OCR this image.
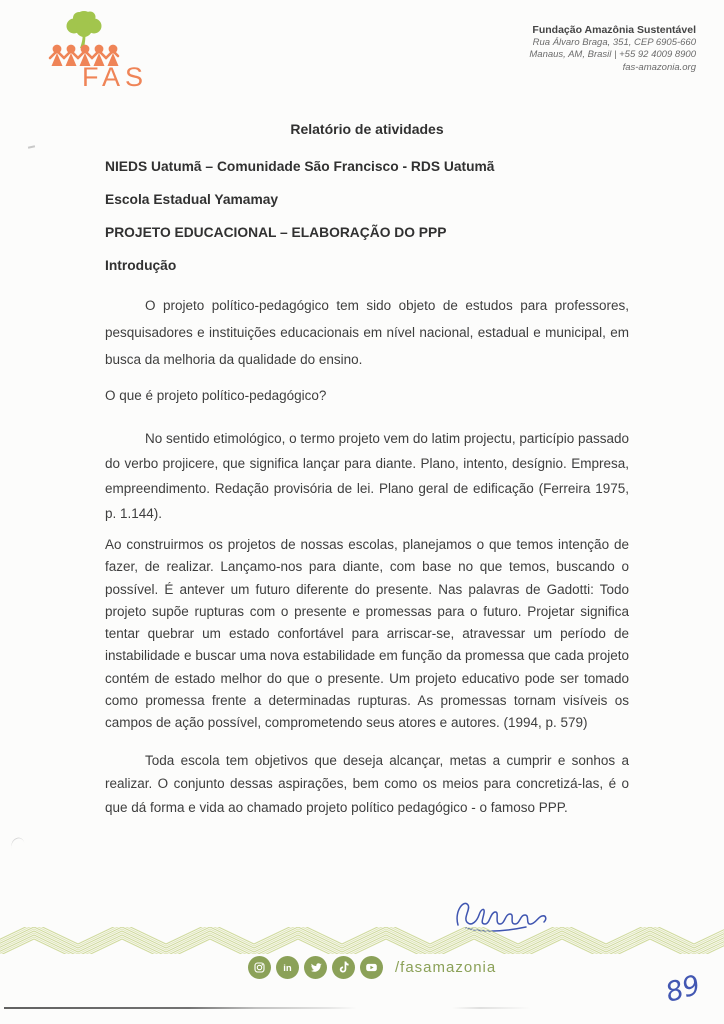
FAS
Fundação Amazônia Sustentável
Rua Álvaro Braga, 351, CEP 6905-660
Manaus, AM, Brasil | +55 92 4009 8900
fas-amazonia.org

Relatório de atividades

NIEDS Uatumã – Comunidade São Francisco - RDS Uatumã

Escola Estadual Yamamay

PROJETO EDUCACIONAL – ELABORAÇÃO DO PPP

Introdução

O projeto político-pedagógico tem sido objeto de estudos para professores, pesquisadores e instituições educacionais em nível nacional, estadual e municipal, em busca da melhoria da qualidade do ensino.

O que é projeto político-pedagógico?

No sentido etimológico, o termo projeto vem do latim projectu, particípio passado do verbo projicere, que significa lançar para diante. Plano, intento, desígnio. Empresa, empreendimento. Redação provisória de lei. Plano geral de edificação (Ferreira 1975, p. 1.144).

Ao construirmos os projetos de nossas escolas, planejamos o que temos intenção de fazer, de realizar. Lançamo-nos para diante, com base no que temos, buscando o possível. É antever um futuro diferente do presente. Nas palavras de Gadotti: Todo projeto supõe rupturas com o presente e promessas para o futuro. Projetar significa tentar quebrar um estado confortável para arriscar-se, atravessar um período de instabilidade e buscar uma nova estabilidade em função da promessa que cada projeto contém de estado melhor do que o presente. Um projeto educativo pode ser tomado como promessa frente a determinadas rupturas. As promessas tornam visíveis os campos de ação possível, comprometendo seus atores e autores. (1994, p. 579)

Toda escola tem objetivos que deseja alcançar, metas a cumprir e sonhos a realizar. O conjunto dessas aspirações, bem como os meios para concretizá-las, é o que dá forma e vida ao chamado projeto político pedagógico - o famoso PPP.

in	/fasamazonia
89
